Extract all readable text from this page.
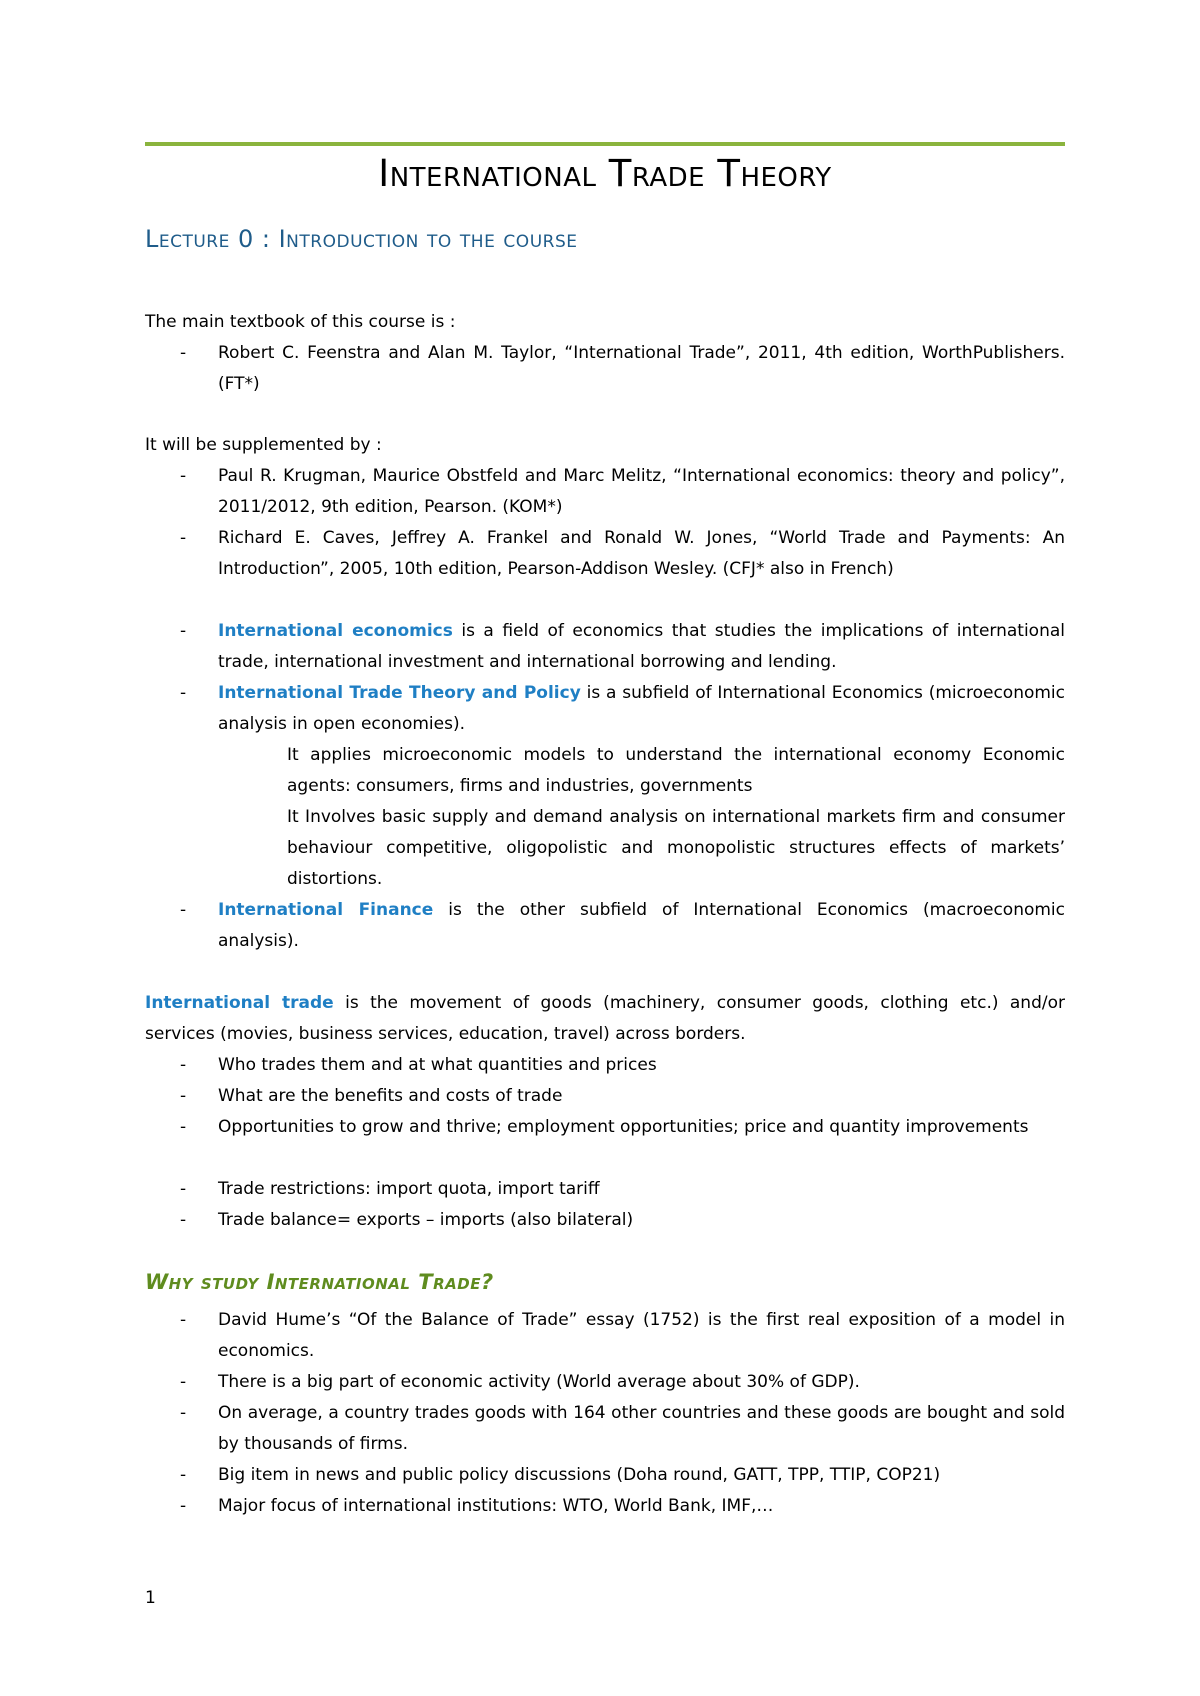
International Trade Theory
Lecture 0 : Introduction to the course
The main textbook of this course is :
- Robert C. Feenstra and Alan M. Taylor, “International Trade”, 2011, 4th edition, WorthPublishers. (FT*)
It will be supplemented by :
- Paul R. Krugman, Maurice Obstfeld and Marc Melitz, “International economics: theory and policy”, 2011/2012, 9th edition, Pearson. (KOM*)
- Richard E. Caves, Jeffrey A. Frankel and Ronald W. Jones, “World Trade and Payments: An Introduction”, 2005, 10th edition, Pearson-Addison Wesley. (CFJ* also in French)
- International economics is a field of economics that studies the implications of international trade, international investment and international borrowing and lending.
- International Trade Theory and Policy is a subfield of International Economics (microeconomic analysis in open economies).
It applies microeconomic models to understand the international economy Economic agents: consumers, firms and industries, governments
It Involves basic supply and demand analysis on international markets firm and consumer behaviour competitive, oligopolistic and monopolistic structures effects of markets’ distortions.
- International Finance is the other subfield of International Economics (macroeconomic analysis).
International trade is the movement of goods (machinery, consumer goods, clothing etc.) and/or services (movies, business services, education, travel) across borders.
- Who trades them and at what quantities and prices
- What are the benefits and costs of trade
- Opportunities to grow and thrive; employment opportunities; price and quantity improvements
- Trade restrictions: import quota, import tariff
- Trade balance= exports – imports (also bilateral)
Why study International Trade?
- David Hume’s “Of the Balance of Trade” essay (1752) is the first real exposition of a model in economics.
- There is a big part of economic activity (World average about 30% of GDP).
- On average, a country trades goods with 164 other countries and these goods are bought and sold by thousands of firms.
- Big item in news and public policy discussions (Doha round, GATT, TPP, TTIP, COP21)
- Major focus of international institutions: WTO, World Bank, IMF,…
1
